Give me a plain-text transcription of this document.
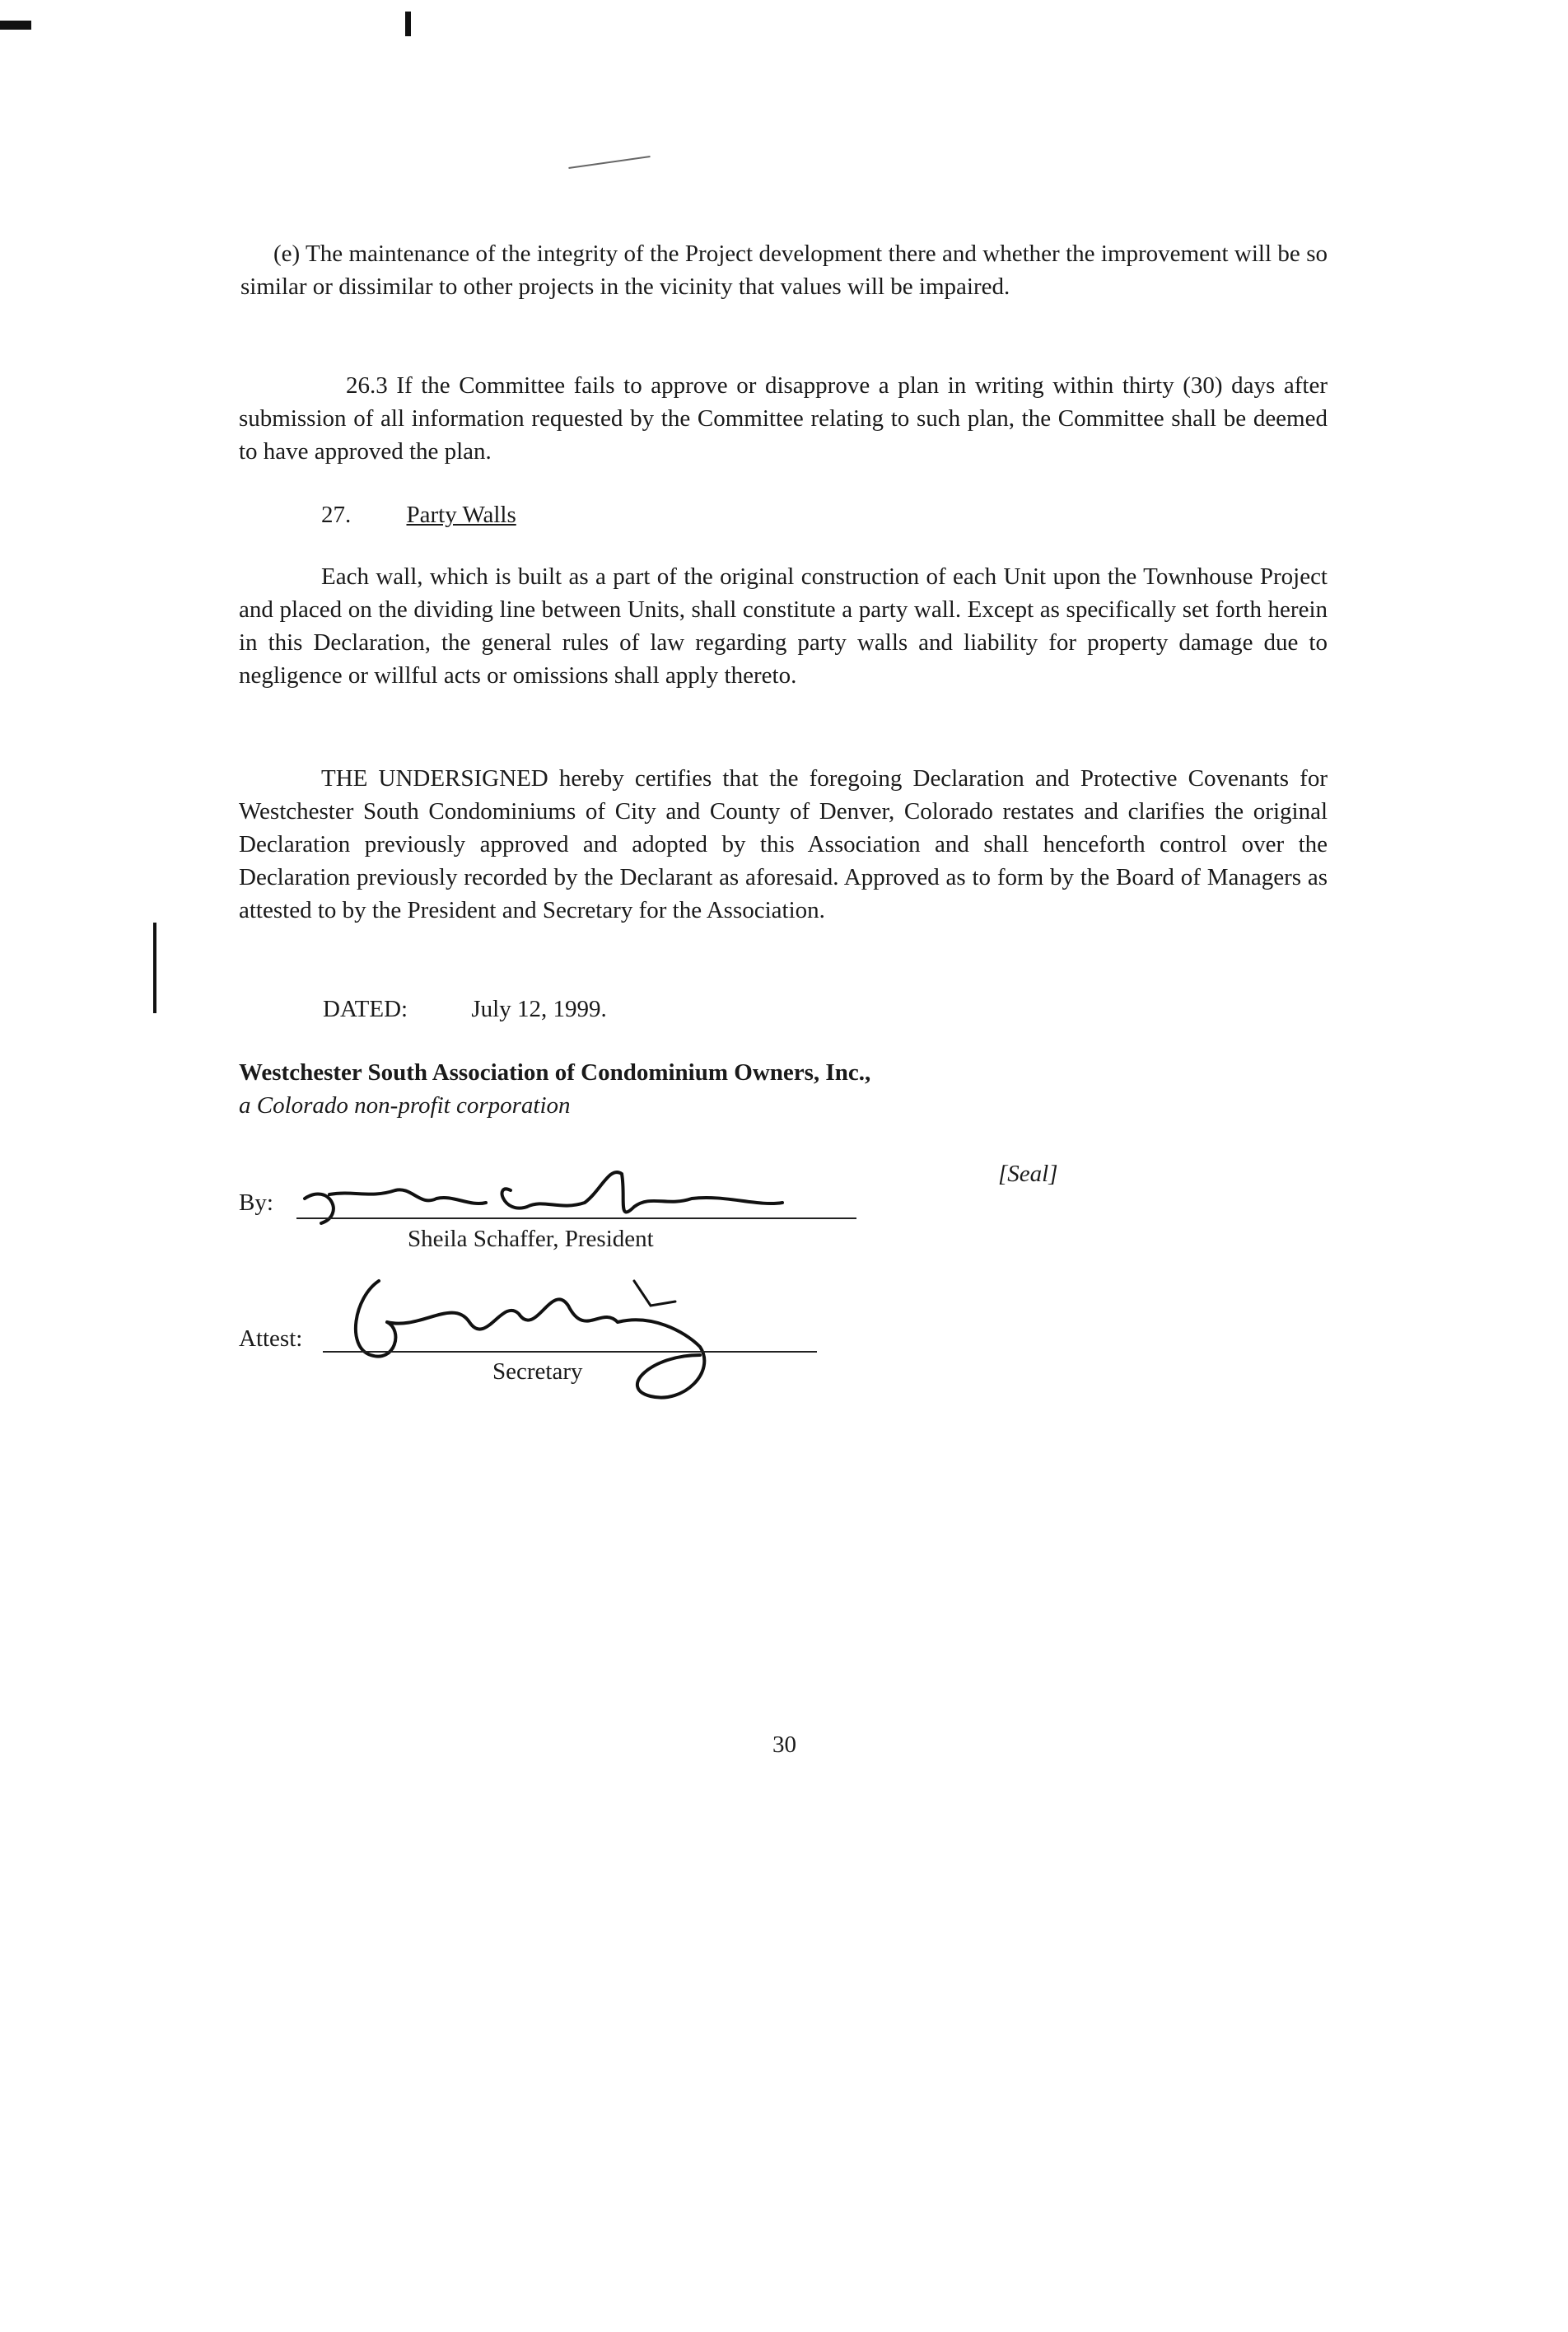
(e) The maintenance of the integrity of the Project development there and whether the improvement will be so similar or dissimilar to other projects in the vicinity that values will be impaired.

26.3 If the Committee fails to approve or disapprove a plan in writing within thirty (30) days after submission of all information requested by the Committee relating to such plan, the Committee shall be deemed to have approved the plan.

27. Party Walls

Each wall, which is built as a part of the original construction of each Unit upon the Townhouse Project and placed on the dividing line between Units, shall constitute a party wall. Except as specifically set forth herein in this Declaration, the general rules of law regarding party walls and liability for property damage due to negligence or willful acts or omissions shall apply thereto.

THE UNDERSIGNED hereby certifies that the foregoing Declaration and Protective Covenants for Westchester South Condominiums of City and County of Denver, Colorado restates and clarifies the original Declaration previously approved and adopted by this Association and shall henceforth control over the Declaration previously recorded by the Declarant as aforesaid. Approved as to form by the Board of Managers as attested to by the President and Secretary for the Association.

DATED:	July 12, 1999.
Westchester South Association of Condominium Owners, Inc.,
a Colorado non-profit corporation
[Seal]
By:
Sheila Schaffer, President
Attest:
Secretary
30
